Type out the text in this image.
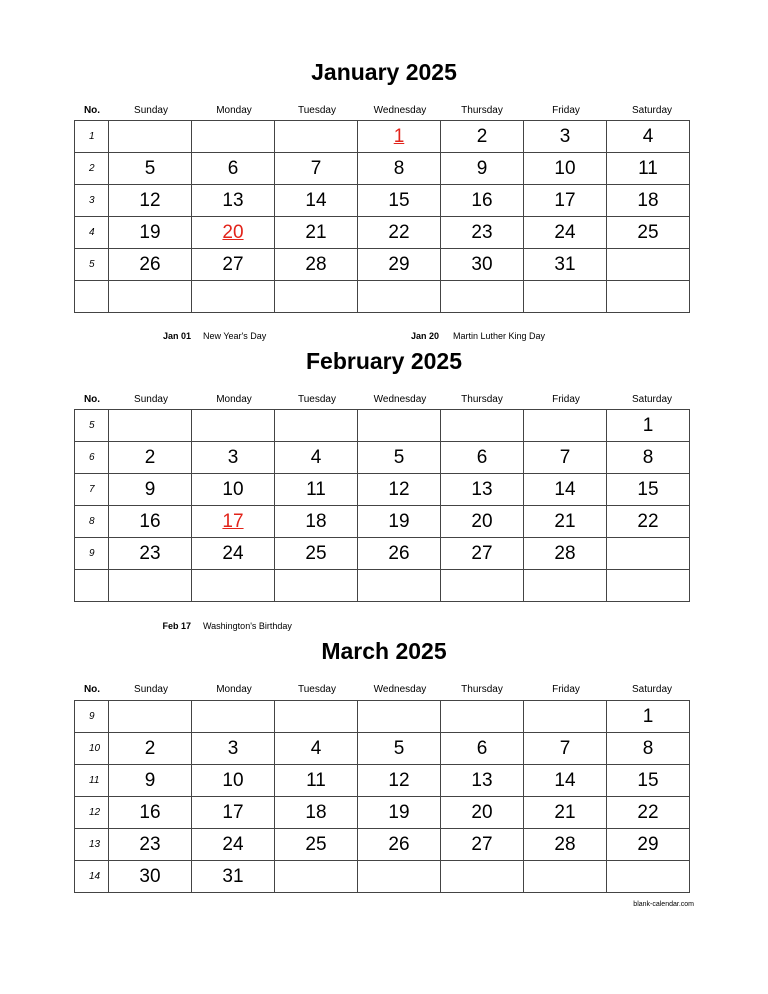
January 2025
No.	Sunday	Monday	Tuesday	Wednesday	Thursday	Friday	Saturday
1				1	2	3	4
2	5	6	7	8	9	10	11
3	12	13	14	15	16	17	18
4	19	20	21	22	23	24	25
5	26	27	28	29	30	31	

Jan 01 New Year's Day	Jan 20 Martin Luther King Day
February 2025
No.	Sunday	Monday	Tuesday	Wednesday	Thursday	Friday	Saturday
5							1
6	2	3	4	5	6	7	8
7	9	10	11	12	13	14	15
8	16	17	18	19	20	21	22
9	23	24	25	26	27	28	

Feb 17 Washington's Birthday
March 2025
No.	Sunday	Monday	Tuesday	Wednesday	Thursday	Friday	Saturday
9							1
10	2	3	4	5	6	7	8
11	9	10	11	12	13	14	15
12	16	17	18	19	20	21	22
13	23	24	25	26	27	28	29
14	30	31					
blank-calendar.com
